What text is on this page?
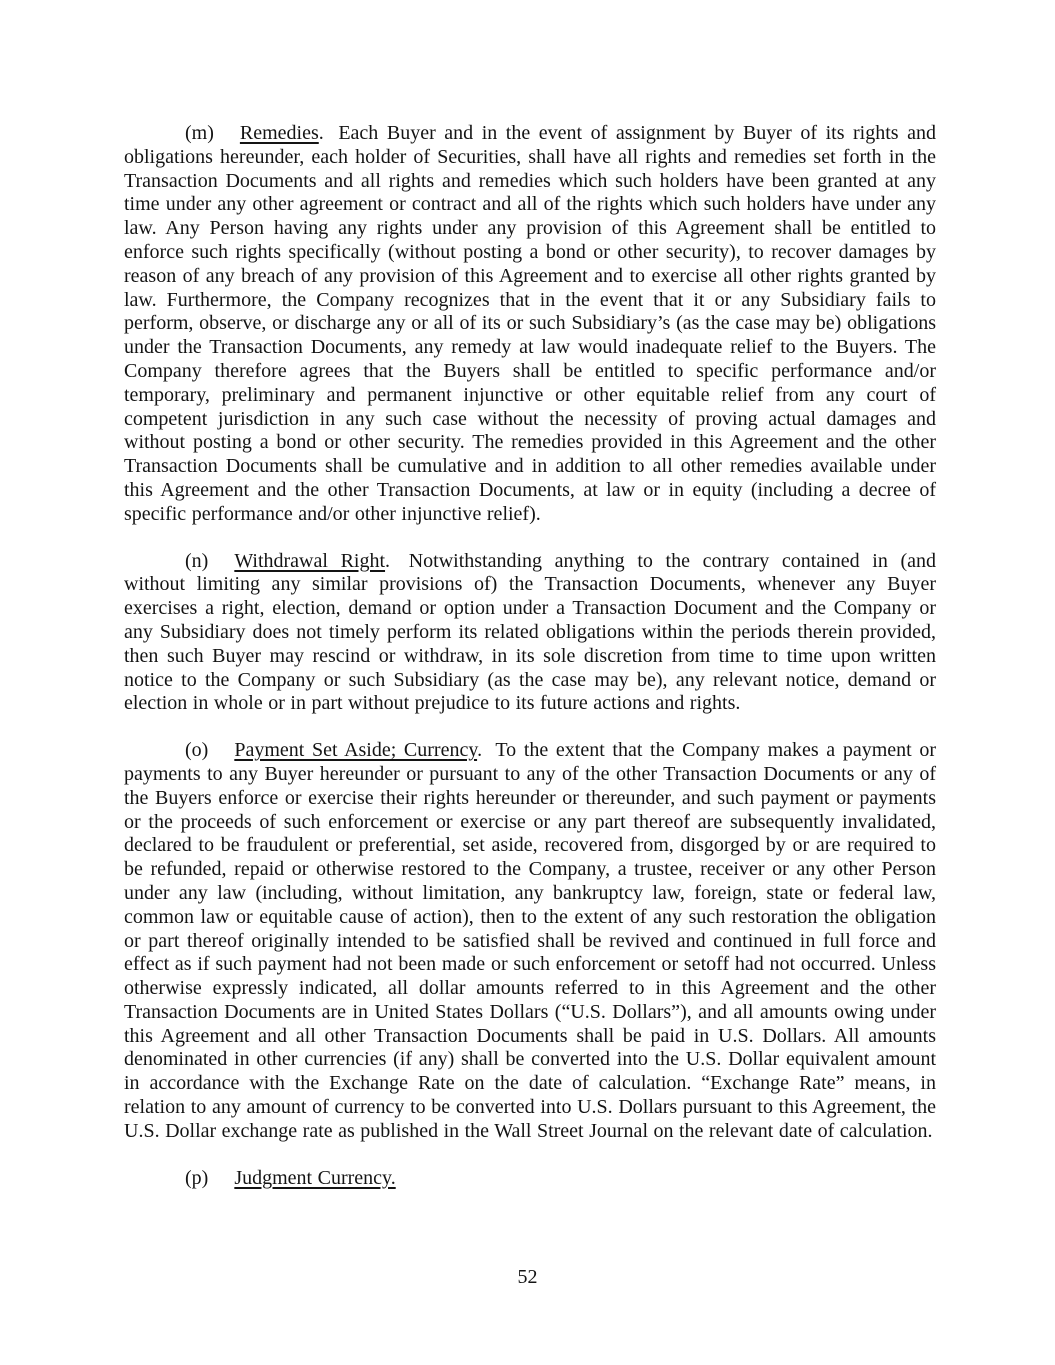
(m) Remedies. Each Buyer and in the event of assignment by Buyer of its rights and obligations hereunder, each holder of Securities, shall have all rights and remedies set forth in the Transaction Documents and all rights and remedies which such holders have been granted at any time under any other agreement or contract and all of the rights which such holders have under any law. Any Person having any rights under any provision of this Agreement shall be entitled to enforce such rights specifically (without posting a bond or other security), to recover damages by reason of any breach of any provision of this Agreement and to exercise all other rights granted by law. Furthermore, the Company recognizes that in the event that it or any Subsidiary fails to perform, observe, or discharge any or all of its or such Subsidiary’s (as the case may be) obligations under the Transaction Documents, any remedy at law would inadequate relief to the Buyers. The Company therefore agrees that the Buyers shall be entitled to specific performance and/or temporary, preliminary and permanent injunctive or other equitable relief from any court of competent jurisdiction in any such case without the necessity of proving actual damages and without posting a bond or other security. The remedies provided in this Agreement and the other Transaction Documents shall be cumulative and in addition to all other remedies available under this Agreement and the other Transaction Documents, at law or in equity (including a decree of specific performance and/or other injunctive relief).

(n) Withdrawal Right. Notwithstanding anything to the contrary contained in (and without limiting any similar provisions of) the Transaction Documents, whenever any Buyer exercises a right, election, demand or option under a Transaction Document and the Company or any Subsidiary does not timely perform its related obligations within the periods therein provided, then such Buyer may rescind or withdraw, in its sole discretion from time to time upon written notice to the Company or such Subsidiary (as the case may be), any relevant notice, demand or election in whole or in part without prejudice to its future actions and rights.

(o) Payment Set Aside; Currency. To the extent that the Company makes a payment or payments to any Buyer hereunder or pursuant to any of the other Transaction Documents or any of the Buyers enforce or exercise their rights hereunder or thereunder, and such payment or payments or the proceeds of such enforcement or exercise or any part thereof are subsequently invalidated, declared to be fraudulent or preferential, set aside, recovered from, disgorged by or are required to be refunded, repaid or otherwise restored to the Company, a trustee, receiver or any other Person under any law (including, without limitation, any bankruptcy law, foreign, state or federal law, common law or equitable cause of action), then to the extent of any such restoration the obligation or part thereof originally intended to be satisfied shall be revived and continued in full force and effect as if such payment had not been made or such enforcement or setoff had not occurred. Unless otherwise expressly indicated, all dollar amounts referred to in this Agreement and the other Transaction Documents are in United States Dollars (“U.S. Dollars”), and all amounts owing under this Agreement and all other Transaction Documents shall be paid in U.S. Dollars. All amounts denominated in other currencies (if any) shall be converted into the U.S. Dollar equivalent amount in accordance with the Exchange Rate on the date of calculation. “Exchange Rate” means, in relation to any amount of currency to be converted into U.S. Dollars pursuant to this Agreement, the U.S. Dollar exchange rate as published in the Wall Street Journal on the relevant date of calculation.

(p) Judgment Currency.

52
